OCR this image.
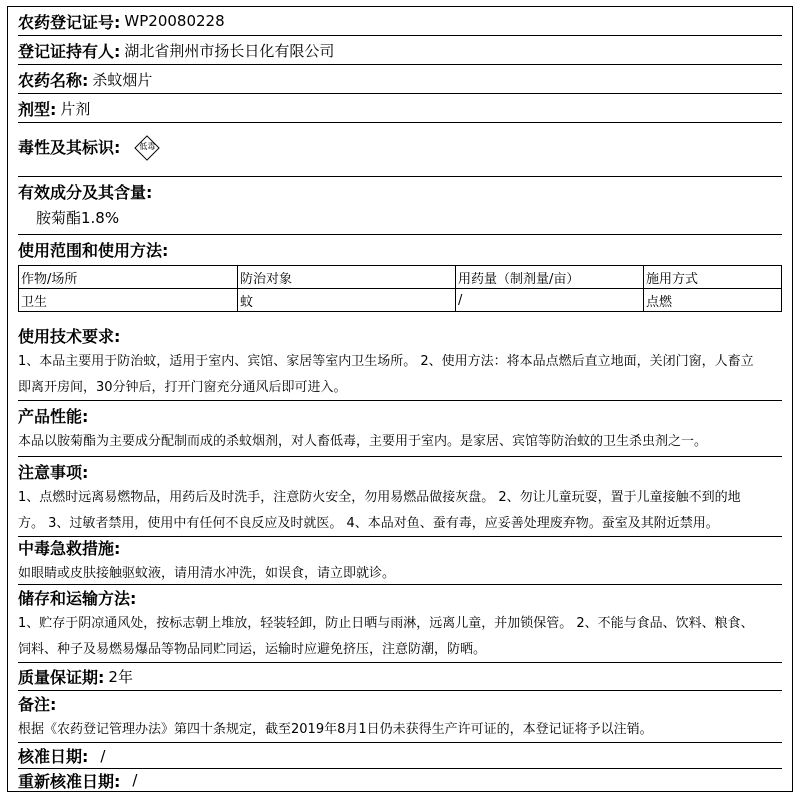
农药登记证号: WP20080228
登记证持有人: 湖北省荆州市扬长日化有限公司
农药名称: 杀蚊烟片
剂型: 片剂
毒性及其标识:	低毒
有效成分及其含量:
胺菊酯1.8%
使用范围和使用方法:
作物/场所	防治对象	用药量（制剂量/亩）	施用方式
卫生	蚊	/	点燃
使用技术要求:
1、本品主要用于防治蚊，适用于室内、宾馆、家居等室内卫生场所。 2、使用方法：将本品点燃后直立地面，关闭门窗，人畜立
即离开房间，30分钟后，打开门窗充分通风后即可进入。
产品性能:
本品以胺菊酯为主要成分配制而成的杀蚊烟剂，对人畜低毒，主要用于室内。是家居、宾馆等防治蚊的卫生杀虫剂之一。
注意事项:
1、点燃时远离易燃物品，用药后及时洗手，注意防火安全，勿用易燃品做接灰盘。 2、勿让儿童玩耍，置于儿童接触不到的地
方。 3、过敏者禁用，使用中有任何不良反应及时就医。 4、本品对鱼、蚕有毒，应妥善处理废弃物。蚕室及其附近禁用。
中毒急救措施:
如眼睛或皮肤接触驱蚊液，请用清水冲洗，如误食，请立即就诊。
储存和运输方法:
1、贮存于阴凉通风处，按标志朝上堆放，轻装轻卸，防止日晒与雨淋，远离儿童，并加锁保管。 2、不能与食品、饮料、粮食、
饲料、种子及易燃易爆品等物品同贮同运，运输时应避免挤压，注意防潮，防晒。
质量保证期: 2年
备注:
根据《农药登记管理办法》第四十条规定，截至2019年8月1日仍未获得生产许可证的，本登记证将予以注销。
核准日期: /
重新核准日期: /
